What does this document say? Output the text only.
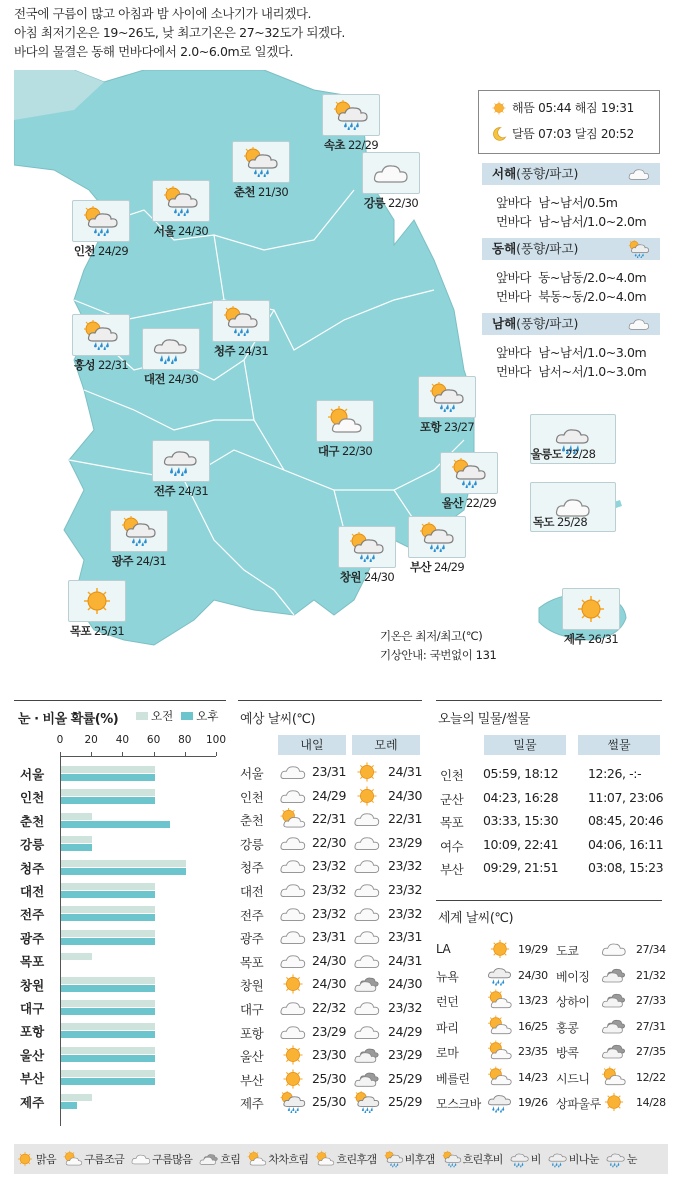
전국에 구름이 많고 아침과 밤 사이에 소나기가 내리겠다.
아침 최저기온은 19~26도, 낮 최고기온은 27~32도가 되겠다.
바다의 물결은 동해 먼바다에서 2.0~6.0m로 일겠다.
속초 22/29
춘천 21/30
강릉 22/30
서울 24/30
인천 24/29
홍성 22/31
대전 24/30
청주 24/31
포항 23/27
대구 22/30
전주 24/31
울산 22/29
광주 24/31	부산 24/29
창원 24/30
목포 25/31
울릉도 22/28
독도 25/28
제주 26/31
해뜸
05:44
해짐
19:31
달뜸
07:03
달짐
20:52
서해(풍향/파고)
앞바다 남~남서/0.5m
먼바다 남~남서/1.0~2.0m
동해(풍향/파고)
앞바다 동~남동/2.0~4.0m
먼바다 북동~동/2.0~4.0m
남해(풍향/파고)
앞바다 남~남서/1.0~3.0m
먼바다 남서~서/1.0~3.0m
기온은 최저/최고(℃)
기상안내: 국번없이 131
눈 · 비올 확률(%)	오전 오후
0	20	40	60	80	100
서울
인천
춘천
강릉
청주
대전
전주
광주
목포
창원
대구
포항
울산
부산
제주
예상 날씨(℃)
내일	모레
서울	23/31	24/31
인천	24/29	24/30
춘천	22/31	22/31
강릉	22/30	23/29
청주	23/32	23/32
대전	23/32	23/32
전주	23/32	23/32
광주	23/31	23/31
목포	24/30	24/31
창원	24/30	24/30
대구	22/32	23/32
포항	23/29	24/29
울산	23/30	23/29
부산	25/30	25/29
제주	25/30	25/29
오늘의 밀물/썰물
밀물	썰물
인천 05:59, 18:12 12:26, -:-
군산 04:23, 16:28 11:07, 23:06
목포 03:33, 15:30 08:45, 20:46
여수 10:09, 22:41 04:06, 16:11
부산 09:29, 21:51 03:08, 15:23
세계 날씨(℃)
LA	19/29 도쿄	27/34
뉴욕	24/30 베이징	21/32
런던	13/23 상하이	27/33
파리	16/25 홍콩	27/31
로마	23/35 방콕	27/35
베를린	14/23 시드니	12/22
모스크바	19/26 상파울루	14/28
맑음	구름조금	구름많음	흐림	차차흐림	흐린후갬	비후갬	흐린후비	비	비나눈	눈
